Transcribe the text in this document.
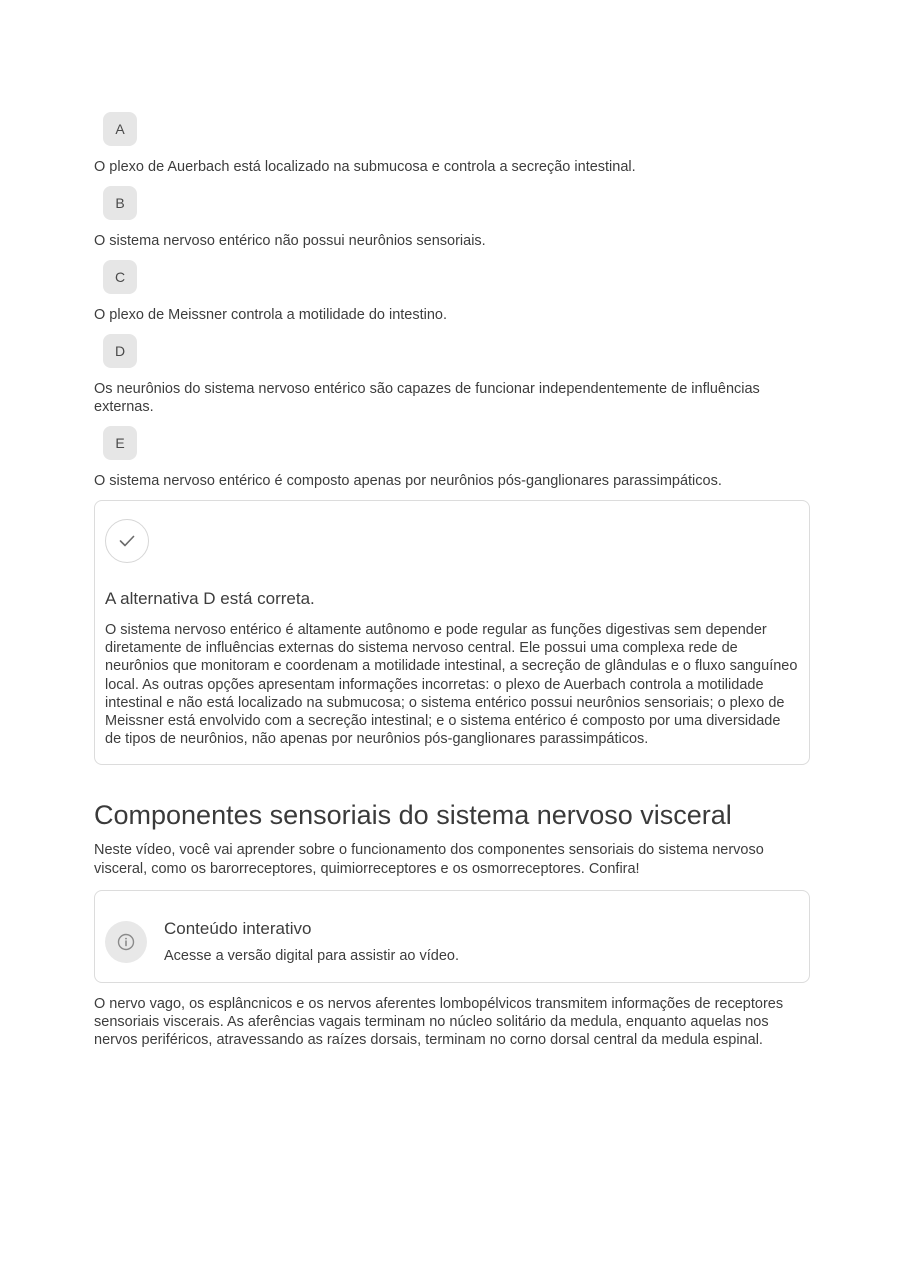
A
O plexo de Auerbach está localizado na submucosa e controla a secreção intestinal.
B
O sistema nervoso entérico não possui neurônios sensoriais.
C
O plexo de Meissner controla a motilidade do intestino.
D
Os neurônios do sistema nervoso entérico são capazes de funcionar independentemente de influências externas.
E
O sistema nervoso entérico é composto apenas por neurônios pós-ganglionares parassimpáticos.
A alternativa D está correta.
O sistema nervoso entérico é altamente autônomo e pode regular as funções digestivas sem depender diretamente de influências externas do sistema nervoso central. Ele possui uma complexa rede de neurônios que monitoram e coordenam a motilidade intestinal, a secreção de glândulas e o fluxo sanguíneo local. As outras opções apresentam informações incorretas: o plexo de Auerbach controla a motilidade intestinal e não está localizado na submucosa; o sistema entérico possui neurônios sensoriais; o plexo de Meissner está envolvido com a secreção intestinal; e o sistema entérico é composto por uma diversidade de tipos de neurônios, não apenas por neurônios pós-ganglionares parassimpáticos.
Componentes sensoriais do sistema nervoso visceral
Neste vídeo, você vai aprender sobre o funcionamento dos componentes sensoriais do sistema nervoso visceral, como os barorreceptores, quimiorreceptores e os osmorreceptores. Confira!
Conteúdo interativo
Acesse a versão digital para assistir ao vídeo.
O nervo vago, os esplâncnicos e os nervos aferentes lombopélvicos transmitem informações de receptores sensoriais viscerais. As aferências vagais terminam no núcleo solitário da medula, enquanto aquelas nos nervos periféricos, atravessando as raízes dorsais, terminam no corno dorsal central da medula espinal.
